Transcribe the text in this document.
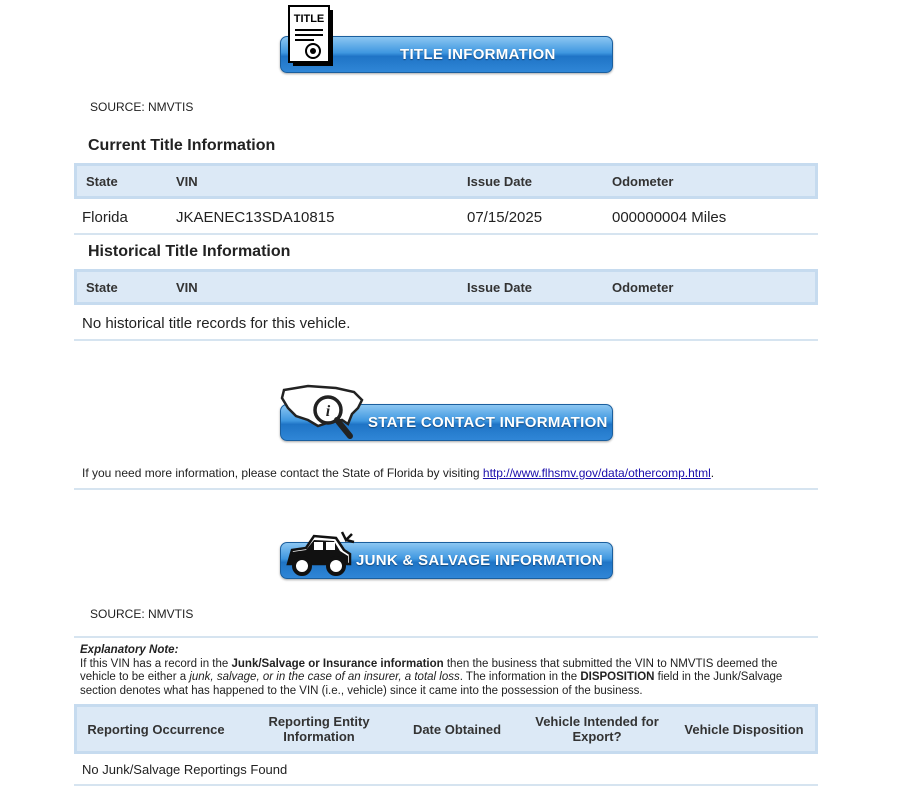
TITLE
TITLE INFORMATION
SOURCE: NMVTIS
Current Title Information
State	VIN	Issue Date	Odometer
Florida	JKAENEC13SDA10815	07/15/2025	000000004 Miles
Historical Title Information
State	VIN	Issue Date	Odometer
No historical title records for this vehicle.
i
STATE CONTACT INFORMATION
If you need more information, please contact the State of Florida by visiting http://www.flhsmv.gov/data/othercomp.html.
JUNK & SALVAGE INFORMATION
SOURCE: NMVTIS
Explanatory Note:
If this VIN has a record in the Junk/Salvage or Insurance information then the business that submitted the VIN to NMVTIS deemed the vehicle to be either a junk, salvage, or in the case of an insurer, a total loss. The information in the DISPOSITION field in the Junk/Salvage section denotes what has happened to the VIN (i.e., vehicle) since it came into the possession of the business.
Reporting Occurrence	Reporting Entity Information	Date Obtained	Vehicle Intended for Export?	Vehicle Disposition
No Junk/Salvage Reportings Found
